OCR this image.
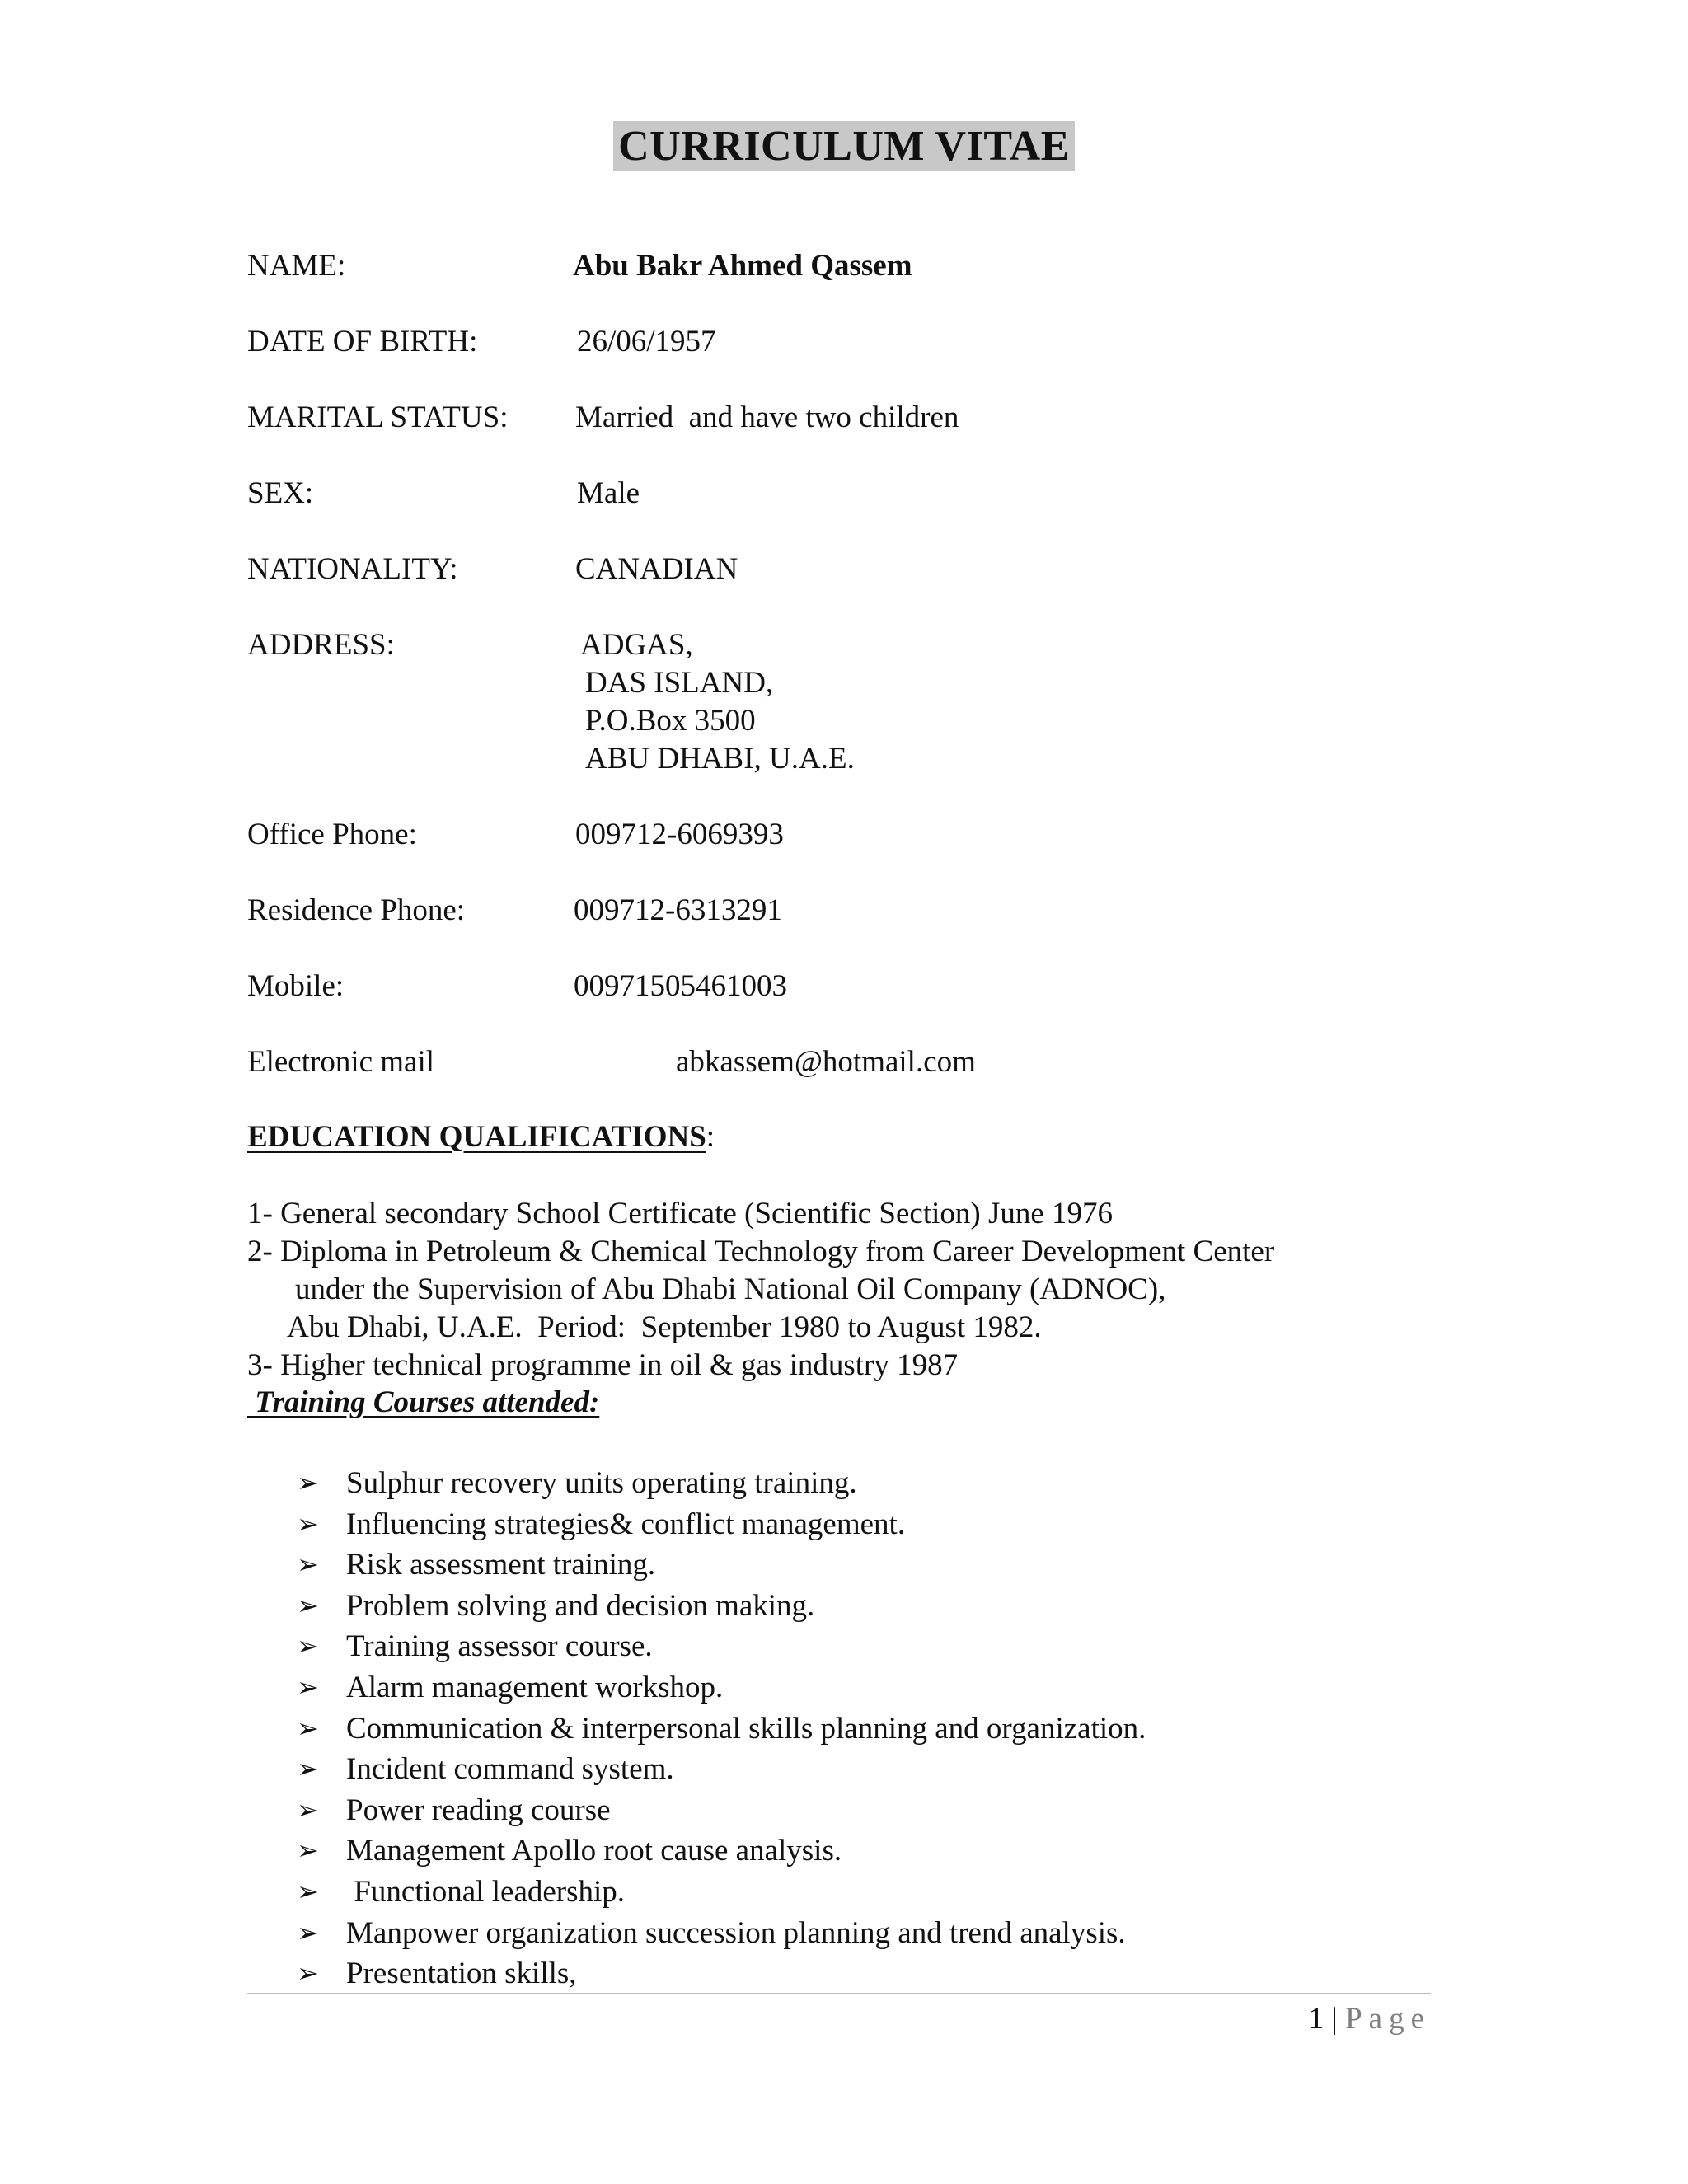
CURRICULUM VITAE
NAME:	Abu Bakr Ahmed Qassem
DATE OF BIRTH:	26/06/1957
MARITAL STATUS: Married  and have two children
SEX:	Male
NATIONALITY:	CANADIAN
ADDRESS:	ADGAS,
DAS ISLAND,
P.O.Box 3500
ABU DHABI, U.A.E.
Office Phone:	009712-6069393
Residence Phone:	009712-6313291
Mobile:	00971505461003
Electronic mail	abkassem@hotmail.com
EDUCATION QUALIFICATIONS:
1- General secondary School Certificate (Scientific Section) June 1976
2- Diploma in Petroleum & Chemical Technology from Career Development Center
under the Supervision of Abu Dhabi National Oil Company (ADNOC),
Abu Dhabi, U.A.E.  Period:  September 1980 to August 1982.
3- Higher technical programme in oil & gas industry 1987
Training Courses attended:
➢ Sulphur recovery units operating training.
➢ Influencing strategies& conflict management.
➢ Risk assessment training.
➢ Problem solving and decision making.
➢ Training assessor course.
➢ Alarm management workshop.
➢ Communication & interpersonal skills planning and organization.
➢ Incident command system.
➢ Power reading course
➢ Management Apollo root cause analysis.
➢ Functional leadership.
➢ Manpower organization succession planning and trend analysis.
➢ Presentation skills,
1 | Page
